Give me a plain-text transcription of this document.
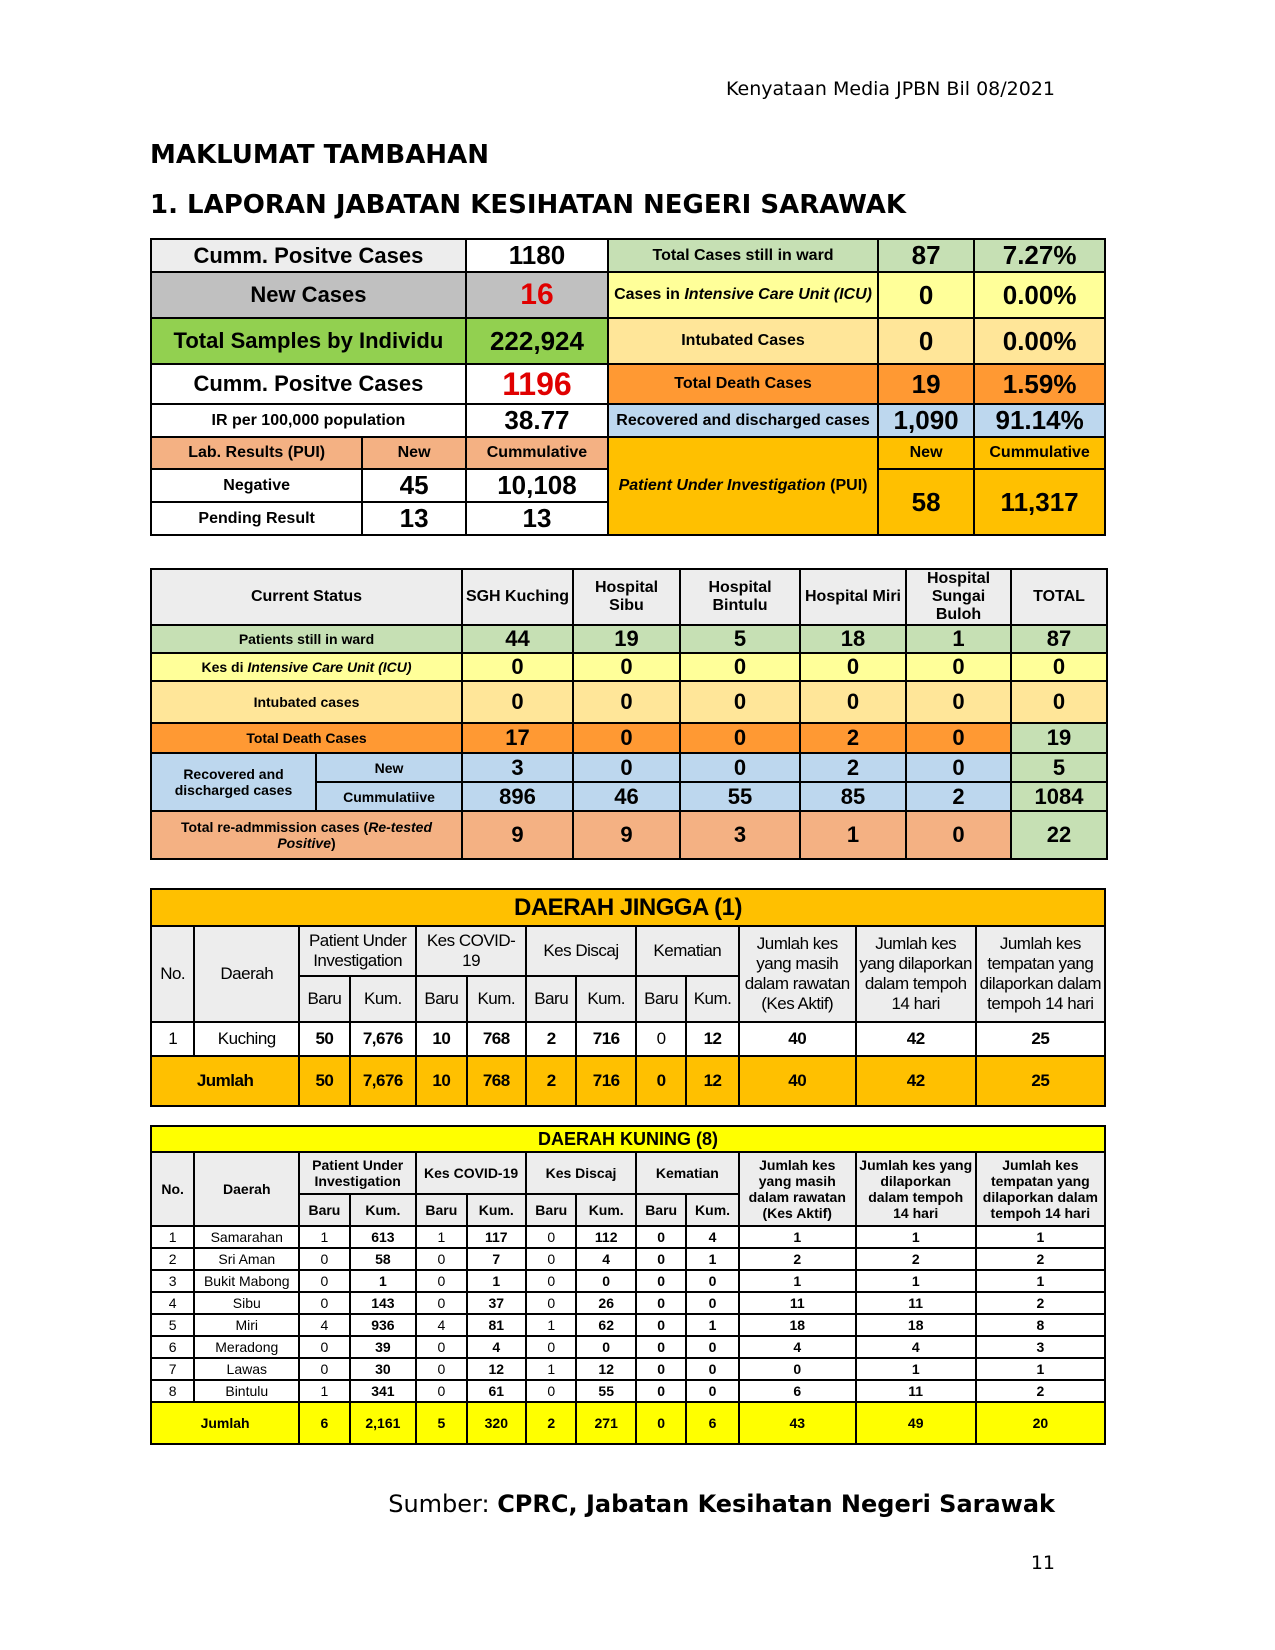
Kenyataan Media JPBN Bil 08/2021
MAKLUMAT TAMBAHAN
1. LAPORAN JABATAN KESIHATAN NEGERI SARAWAK
Cumm. Positve Cases		1180	Total Cases still in ward	87	7.27%
New Cases		16	Cases in Intensive Care Unit (ICU)	0	0.00%
Total Samples by Individu		222,924	Intubated Cases	0	0.00%
Cumm. Positve Cases		1196	Total Death Cases	19	1.59%
IR per 100,000 population		38.77	Recovered and discharged cases	1,090	91.14%
Lab. Results (PUI)	New	Cummulative	Patient Under Investigation (PUI)	New	Cummulative
Negative	45	10,108		58	11,317
Pending Result	13	13			
Current Status		SGH Kuching	Hospital Sibu	Hospital Bintulu	Hospital Miri	Hospital Sungai Buloh	TOTAL
Patients still in ward		44	19	5	18	1	87
Kes di Intensive Care Unit (ICU)		0	0	0	0	0	0
Intubated cases		0	0	0	0	0	0
Total Death Cases		17	0	0	2	0	19
Recovered and discharged cases	New	3	0	0	2	0	5
	Cummulatiive	896	46	55	85	2	1084
Total re-admmission cases (Re-tested Positive)		9	9	3	1	0	22
DAERAH JINGGA (1)												
No.	Daerah	Patient Under Investigation		Kes COVID-19		Kes Discaj		Kematian		Jumlah kes yang masih dalam rawatan (Kes Aktif)	Jumlah kes yang dilaporkan dalam tempoh 14 hari	Jumlah kes tempatan yang dilaporkan dalam tempoh 14 hari
		Baru	Kum.	Baru	Kum.	Baru	Kum.	Baru	Kum.			
1	Kuching	50	7,676	10	768	2	716	0	12	40	42	25
Jumlah		50	7,676	10	768	2	716	0	12	40	42	25
DAERAH KUNING (8)												
No.	Daerah	Patient Under Investigation		Kes COVID-19		Kes Discaj		Kematian		Jumlah kes yang masih dalam rawatan (Kes Aktif)	Jumlah kes yang dilaporkan dalam tempoh 14 hari	Jumlah kes tempatan yang dilaporkan dalam tempoh 14 hari
		Baru	Kum.	Baru	Kum.	Baru	Kum.	Baru	Kum.			
1	Samarahan	1	613	1	117	0	112	0	4	1	1	1
2	Sri Aman	0	58	0	7	0	4	0	1	2	2	2
3	Bukit Mabong	0	1	0	1	0	0	0	0	1	1	1
4	Sibu	0	143	0	37	0	26	0	0	11	11	2
5	Miri	4	936	4	81	1	62	0	1	18	18	8
6	Meradong	0	39	0	4	0	0	0	0	4	4	3
7	Lawas	0	30	0	12	1	12	0	0	0	1	1
8	Bintulu	1	341	0	61	0	55	0	0	6	11	2
Jumlah		6	2,161	5	320	2	271	0	6	43	49	20
Sumber: CPRC, Jabatan Kesihatan Negeri Sarawak
11
